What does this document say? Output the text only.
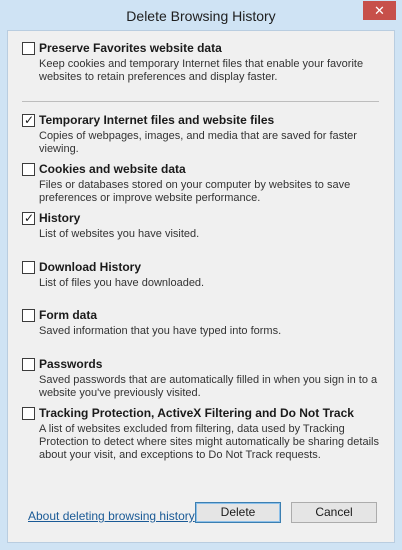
Delete Browsing History	✕
Preserve Favorites website data
Keep cookies and temporary Internet files that enable your favorite websites to retain preferences and display faster.
✓ Temporary Internet files and website files
Copies of webpages, images, and media that are saved for faster viewing.
Cookies and website data
Files or databases stored on your computer by websites to save preferences or improve website performance.
✓ History
List of websites you have visited.
Download History
List of files you have downloaded.
Form data
Saved information that you have typed into forms.
Passwords
Saved passwords that are automatically filled in when you sign in to a website you've previously visited.
Tracking Protection, ActiveX Filtering and Do Not Track
A list of websites excluded from filtering, data used by Tracking Protection to detect where sites might automatically be sharing details about your visit, and exceptions to Do Not Track requests.
About deleting browsing history	Delete	Cancel
